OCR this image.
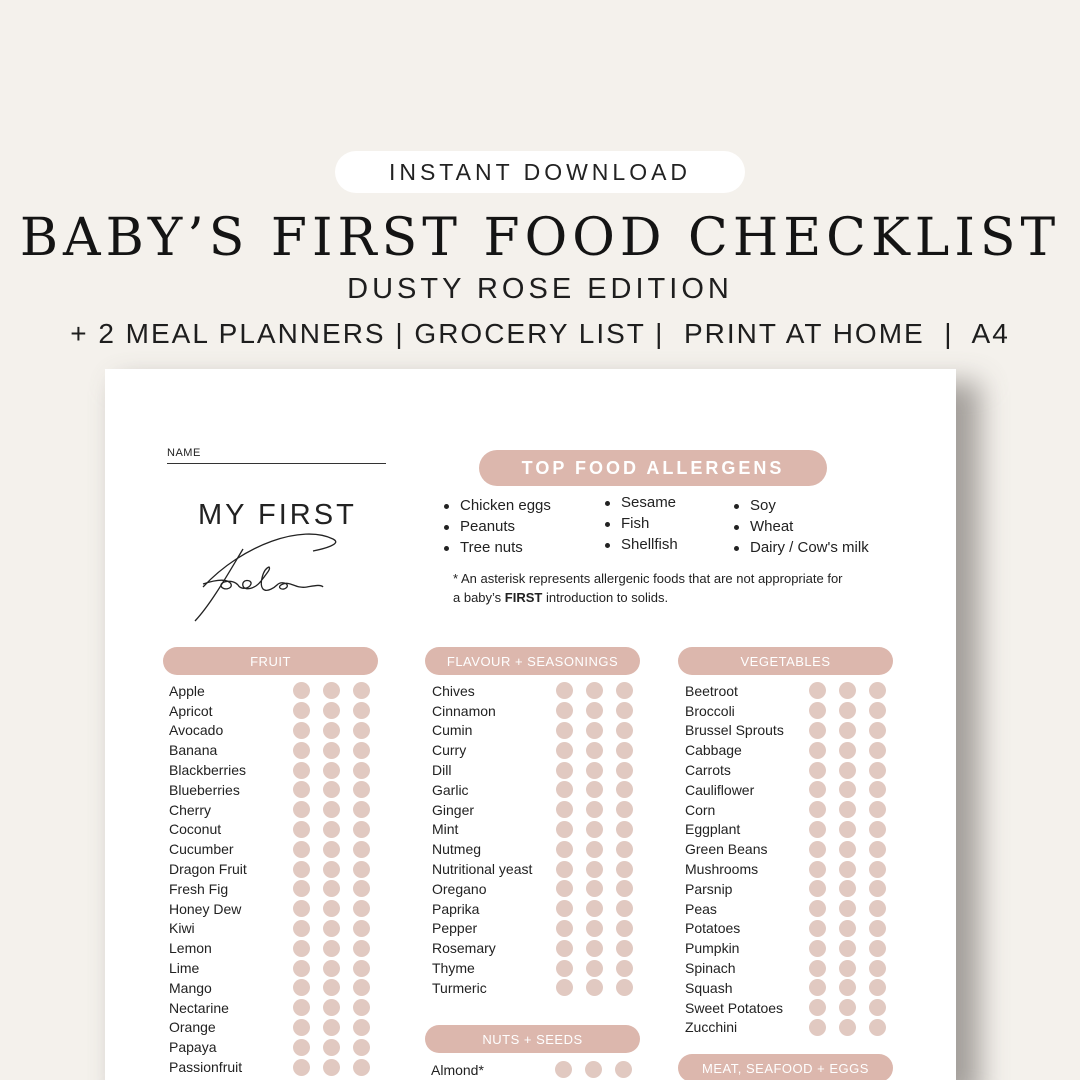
INSTANT DOWNLOAD
BABY’S FIRST FOOD CHECKLIST
DUSTY ROSE EDITION
+ 2 MEAL PLANNERS | GROCERY LIST |  PRINT AT HOME  |  A4
NAME
MY FIRST
TOP FOOD ALLERGENS
Chicken eggs
Peanuts
Tree nuts
Sesame
Fish
Shellfish
Soy
Wheat
Dairy / Cow's milk
* An asterisk represents allergenic foods that are not appropriate for a baby’s FIRST introduction to solids.
FRUIT
Apple
Apricot
Avocado
Banana
Blackberries
Blueberries
Cherry
Coconut
Cucumber
Dragon Fruit
Fresh Fig
Honey Dew
Kiwi
Lemon
Lime
Mango
Nectarine
Orange
Papaya
Passionfruit
FLAVOUR + SEASONINGS
Chives
Cinnamon
Cumin
Curry
Dill
Garlic
Ginger
Mint
Nutmeg
Nutritional yeast
Oregano
Paprika
Pepper
Rosemary
Thyme
Turmeric
NUTS + SEEDS
Almond*
VEGETABLES
Beetroot
Broccoli
Brussel Sprouts
Cabbage
Carrots
Cauliflower
Corn
Eggplant
Green Beans
Mushrooms
Parsnip
Peas
Potatoes
Pumpkin
Spinach
Squash
Sweet Potatoes
Zucchini
MEAT, SEAFOOD + EGGS
